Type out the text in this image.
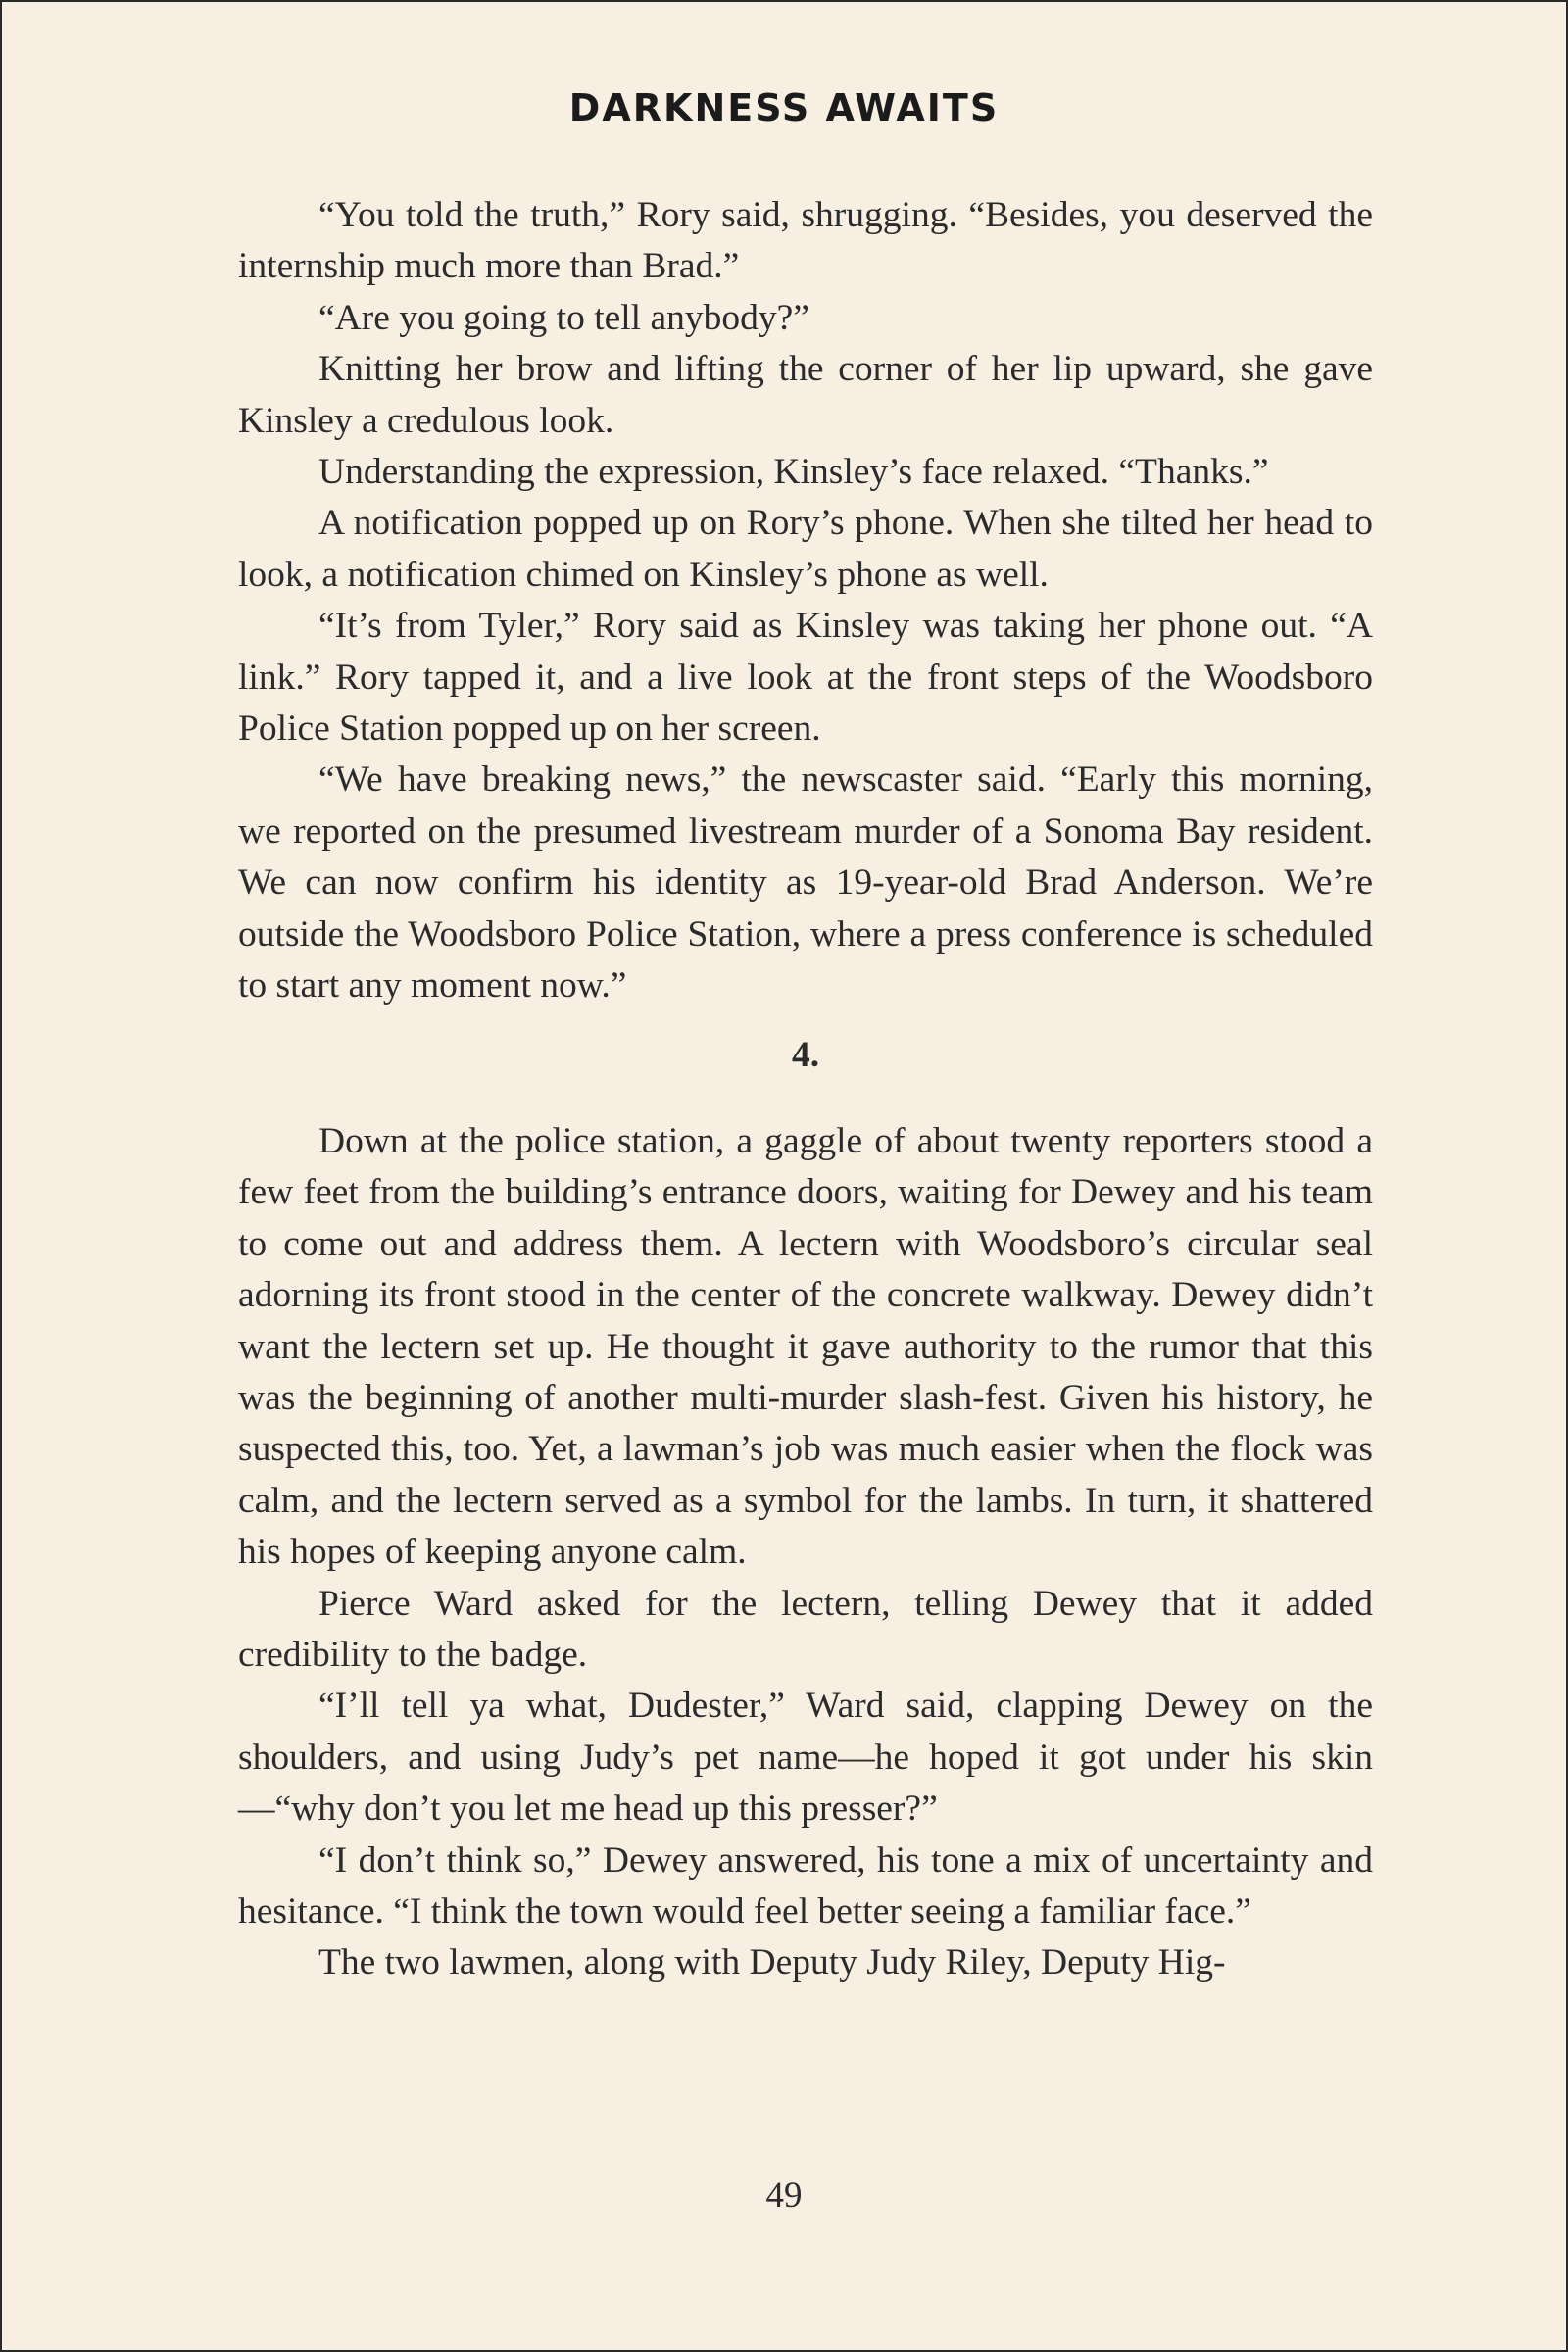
DARKNESS AWAITS

“You told the truth,” Rory said, shrugging. “Besides, you deserved the internship much more than Brad.”

“Are you going to tell anybody?”

Knitting her brow and lifting the corner of her lip upward, she gave Kinsley a credulous look.

Understanding the expression, Kinsley’s face relaxed. “Thanks.”

A notification popped up on Rory’s phone. When she tilted her head to look, a notification chimed on Kinsley’s phone as well.

“It’s from Tyler,” Rory said as Kinsley was taking her phone out. “A link.” Rory tapped it, and a live look at the front steps of the Woodsboro Police Station popped up on her screen.

“We have breaking news,” the newscaster said. “Early this morning, we reported on the presumed livestream murder of a Sonoma Bay resident. We can now confirm his identity as 19-year-old Brad Anderson. We’re outside the Woodsboro Police Station, where a press conference is scheduled to start any moment now.”

4.

Down at the police station, a gaggle of about twenty reporters stood a few feet from the building’s entrance doors, waiting for Dewey and his team to come out and address them. A lectern with Woodsboro’s circular seal adorning its front stood in the center of the concrete walkway. Dewey didn’t want the lectern set up. He thought it gave authority to the rumor that this was the beginning of another multi-murder slash-fest. Given his history, he suspected this, too. Yet, a lawman’s job was much easier when the flock was calm, and the lectern served as a symbol for the lambs. In turn, it shattered his hopes of keeping anyone calm.

Pierce Ward asked for the lectern, telling Dewey that it added credibility to the badge.

“I’ll tell ya what, Dudester,” Ward said, clapping Dewey on the shoulders, and using Judy’s pet name—he hoped it got under his skin—“why don’t you let me head up this presser?”

“I don’t think so,” Dewey answered, his tone a mix of uncertainty and hesitance. “I think the town would feel better seeing a familiar face.”

The two lawmen, along with Deputy Judy Riley, Deputy Hig-

49
